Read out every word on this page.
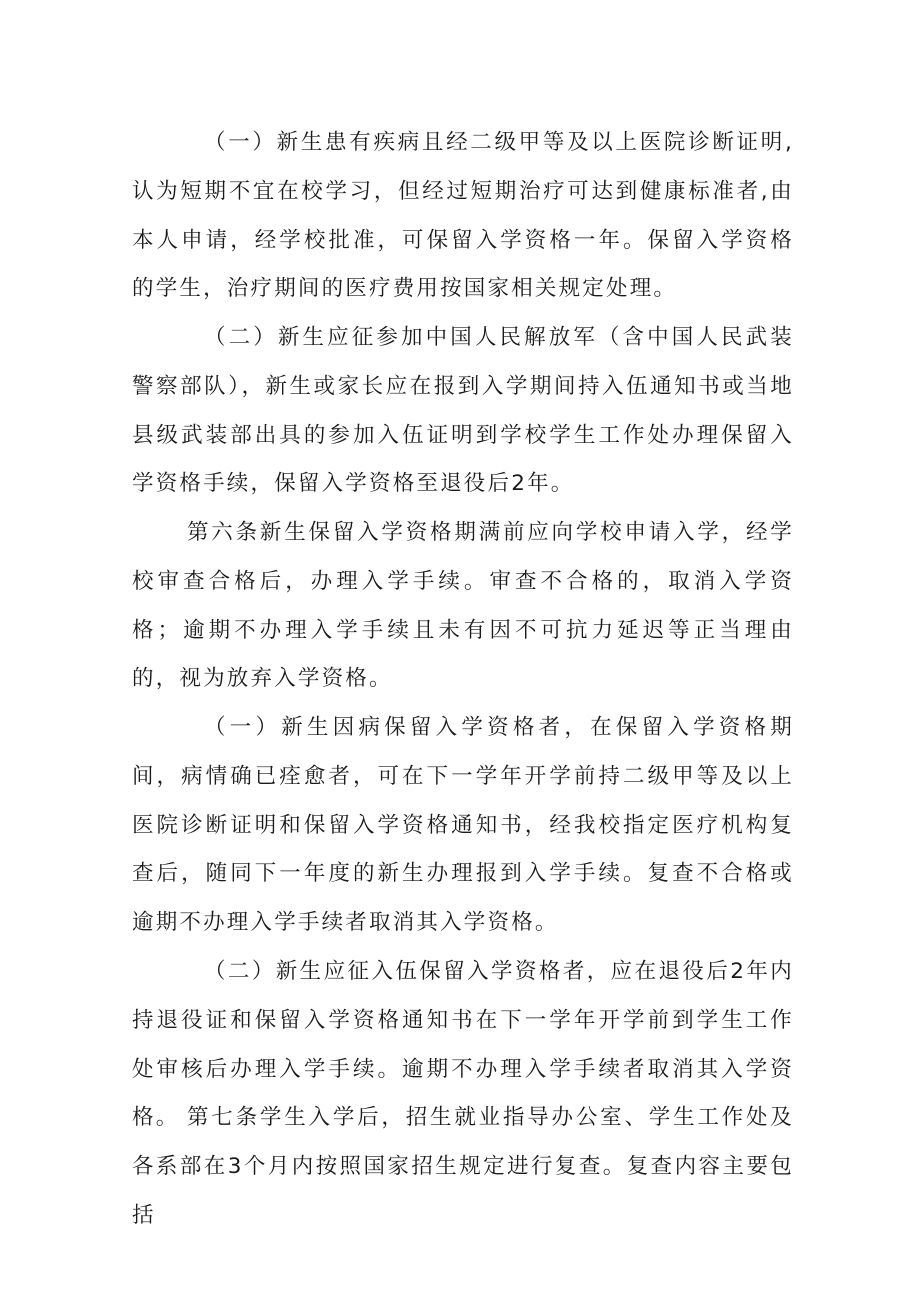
（一）新生患有疾病且经二级甲等及以上医院诊断证明,认为短期不宜在校学习，但经过短期治疗可达到健康标准者,由本人申请，经学校批准，可保留入学资格一年。保留入学资格的学生，治疗期间的医疗费用按国家相关规定处理。

（二）新生应征参加中国人民解放军（含中国人民武装警察部队），新生或家长应在报到入学期间持入伍通知书或当地县级武装部出具的参加入伍证明到学校学生工作处办理保留入学资格手续，保留入学资格至退役后2年。

第六条新生保留入学资格期满前应向学校申请入学，经学校审查合格后，办理入学手续。审查不合格的，取消入学资格；逾期不办理入学手续且未有因不可抗力延迟等正当理由的，视为放弃入学资格。

（一）新生因病保留入学资格者，在保留入学资格期间，病情确已痊愈者，可在下一学年开学前持二级甲等及以上医院诊断证明和保留入学资格通知书，经我校指定医疗机构复查后，随同下一年度的新生办理报到入学手续。复查不合格或逾期不办理入学手续者取消其入学资格。

（二）新生应征入伍保留入学资格者，应在退役后2年内持退役证和保留入学资格通知书在下一学年开学前到学生工作处审核后办理入学手续。逾期不办理入学手续者取消其入学资格。 第七条学生入学后，招生就业指导办公室、学生工作处及各系部在3个月内按照国家招生规定进行复查。复查内容主要包括
